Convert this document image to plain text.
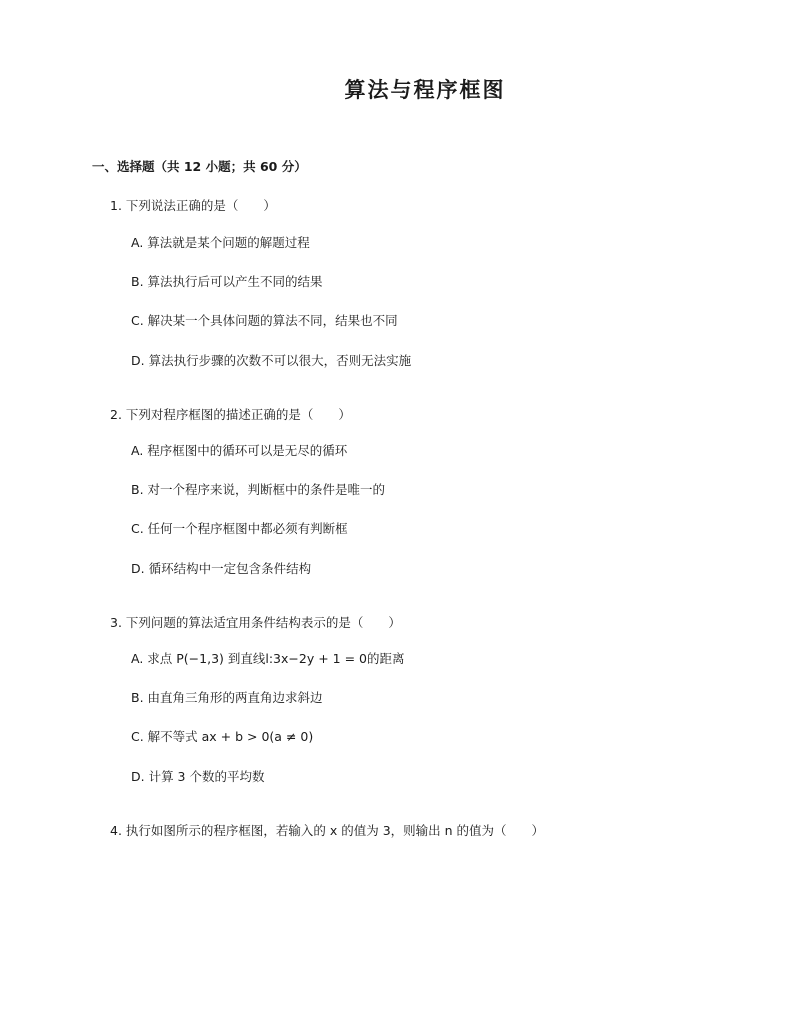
算法与程序框图
一、选择题（共 12 小题；共 60 分）
1. 下列说法正确的是（　　）
A. 算法就是某个问题的解题过程
B. 算法执行后可以产生不同的结果
C. 解决某一个具体问题的算法不同，结果也不同
D. 算法执行步骤的次数不可以很大，否则无法实施
2. 下列对程序框图的描述正确的是（　　）
A. 程序框图中的循环可以是无尽的循环
B. 对一个程序来说，判断框中的条件是唯一的
C. 任何一个程序框图中都必须有判断框
D. 循环结构中一定包含条件结构
3. 下列问题的算法适宜用条件结构表示的是（　　）
A. 求点 P(−1,3) 到直线l:3x−2y + 1 = 0的距离
B. 由直角三角形的两直角边求斜边
C. 解不等式 ax + b > 0(a ≠ 0)
D. 计算 3 个数的平均数
4. 执行如图所示的程序框图，若输入的 x 的值为 3，则输出 n 的值为（　　）
